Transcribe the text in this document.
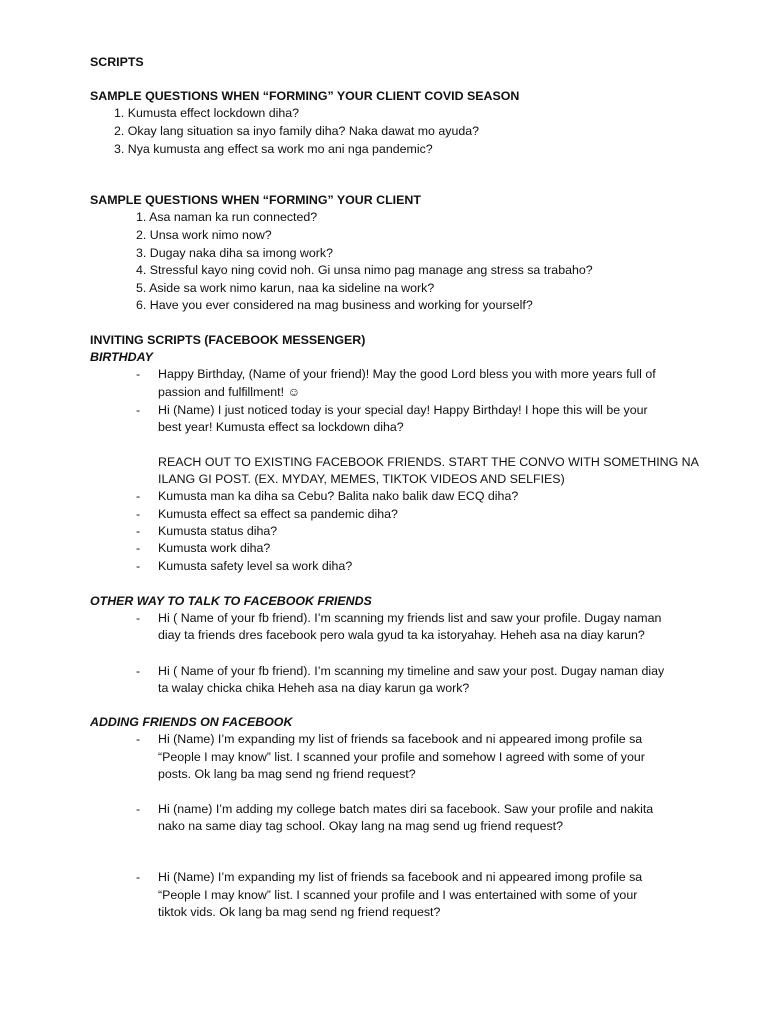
SCRIPTS
SAMPLE QUESTIONS WHEN “FORMING” YOUR CLIENT COVID SEASON
1. Kumusta effect lockdown diha?
2. Okay lang situation sa inyo family diha? Naka dawat mo ayuda?
3. Nya kumusta ang effect sa work mo ani nga pandemic?
SAMPLE QUESTIONS WHEN “FORMING” YOUR CLIENT
1. Asa naman ka run connected?
2. Unsa work nimo now?
3. Dugay naka diha sa imong work?
4. Stressful kayo ning covid noh. Gi unsa nimo pag manage ang stress sa trabaho?
5. Aside sa work nimo karun, naa ka sideline na work?
6. Have you ever considered na mag business and working for yourself?
INVITING SCRIPTS (FACEBOOK MESSENGER)
BIRTHDAY
- Happy Birthday, (Name of your friend)! May the good Lord bless you with more years full of
passion and fulfillment! ☺
- Hi (Name) I just noticed today is your special day! Happy Birthday! I hope this will be your
best year! Kumusta effect sa lockdown diha?
REACH OUT TO EXISTING FACEBOOK FRIENDS. START THE CONVO WITH SOMETHING NA
ILANG GI POST. (EX. MYDAY, MEMES, TIKTOK VIDEOS AND SELFIES)
- Kumusta man ka diha sa Cebu? Balita nako balik daw ECQ diha?
- Kumusta effect sa effect sa pandemic diha?
- Kumusta status diha?
- Kumusta work diha?
- Kumusta safety level sa work diha?
OTHER WAY TO TALK TO FACEBOOK FRIENDS
- Hi ( Name of your fb friend). I’m scanning my friends list and saw your profile. Dugay naman
diay ta friends dres facebook pero wala gyud ta ka istoryahay. Heheh asa na diay karun?
- Hi ( Name of your fb friend). I’m scanning my timeline and saw your post. Dugay naman diay
ta walay chicka chika Heheh asa na diay karun ga work?
ADDING FRIENDS ON FACEBOOK
- Hi (Name) I’m expanding my list of friends sa facebook and ni appeared imong profile sa
“People I may know” list. I scanned your profile and somehow I agreed with some of your
posts. Ok lang ba mag send ng friend request?
- Hi (name) I’m adding my college batch mates diri sa facebook. Saw your profile and nakita
nako na same diay tag school. Okay lang na mag send ug friend request?
- Hi (Name) I’m expanding my list of friends sa facebook and ni appeared imong profile sa
“People I may know” list. I scanned your profile and I was entertained with some of your
tiktok vids. Ok lang ba mag send ng friend request?
